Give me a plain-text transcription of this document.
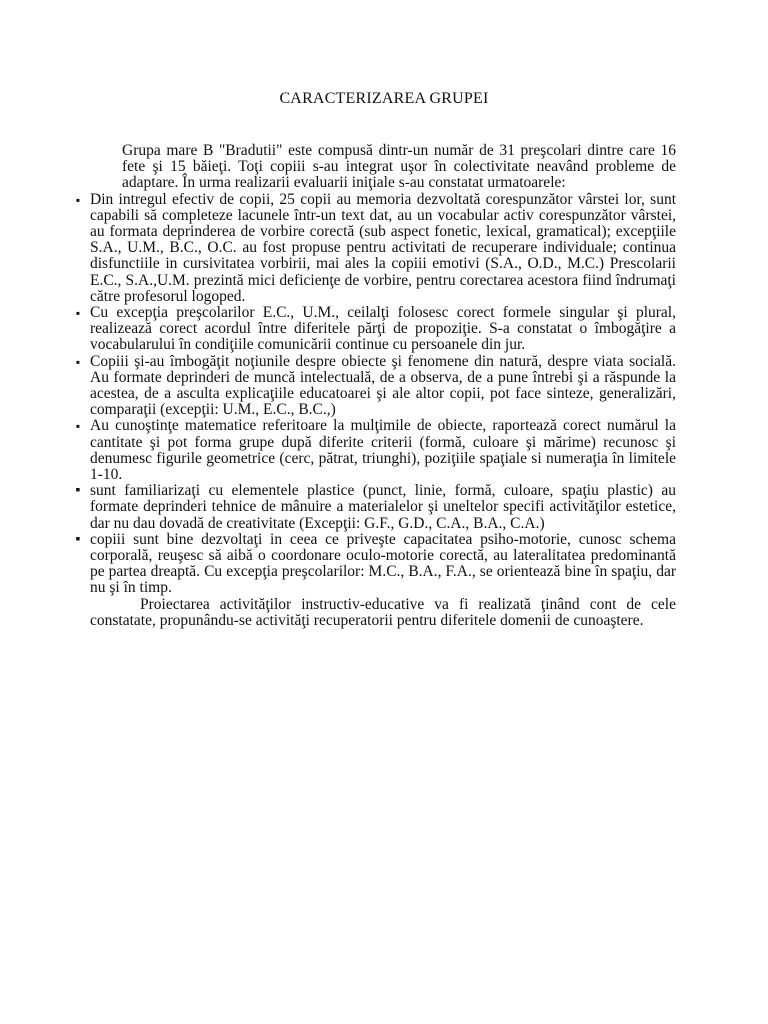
CARACTERIZAREA GRUPEI

Grupa mare B "Bradutii" este compusă dintr-un număr de 31 preşcolari dintre care 16 fete şi 15 băieţi. Toţi copiii s-au integrat uşor în colectivitate neavând probleme de adaptare. În urma realizarii evaluarii iniţiale s-au constatat urmatoarele:

▪ Din intregul efectiv de copii, 25 copii au memoria dezvoltată corespunzător vârstei lor, sunt capabili să completeze lacunele într-un text dat, au un vocabular activ corespunzător vârstei, au formata deprinderea de vorbire corectă (sub aspect fonetic, lexical, gramatical); excepţiile S.A., U.M., B.C., O.C. au fost propuse pentru activitati de recuperare individuale; continua disfunctiile in cursivitatea vorbirii, mai ales la copiii emotivi (S.A., O.D., M.C.) Prescolarii E.C., S.A.,U.M. prezintă mici deficienţe de vorbire, pentru corectarea acestora fiind îndrumaţi către profesorul logoped.
▪ Cu excepţia preşcolarilor E.C., U.M., ceilalţi folosesc corect formele singular şi plural, realizează corect acordul între diferitele părţi de propoziţie. S-a constatat o îmbogăţire a vocabularului în condiţiile comunicării continue cu persoanele din jur.
▪ Copiii şi-au îmbogăţit noţiunile despre obiecte şi fenomene din natură, despre viata socială. Au formate deprinderi de muncă intelectuală, de a observa, de a pune întrebi şi a răspunde la acestea, de a asculta explicaţiile educatoarei şi ale altor copii, pot face sinteze, generalizări, comparaţii (excepţii: U.M., E.C., B.C.,)
▪ Au cunoştinţe matematice referitoare la mulţimile de obiecte, raportează corect numărul la cantitate şi pot forma grupe după diferite criterii (formă, culoare şi mărime) recunosc şi denumesc figurile geometrice (cerc, pătrat, triunghi), poziţiile spaţiale si numeraţia în limitele 1-10.
▪ sunt familiarizaţi cu elementele plastice (punct, linie, formă, culoare, spaţiu plastic) au formate deprinderi tehnice de mânuire a materialelor şi uneltelor specifi activităţilor estetice, dar nu dau dovadă de creativitate (Excepţii: G.F., G.D., C.A., B.A., C.A.)
▪ copiii sunt bine dezvoltaţi in ceea ce priveşte capacitatea psiho-motorie, cunosc schema corporală, reuşesc să aibă o coordonare oculo-motorie corectă, au lateralitatea predominantă pe partea dreaptă. Cu excepţia preşcolarilor: M.C., B.A., F.A., se orientează bine în spaţiu, dar nu şi în timp.

Proiectarea activităţilor instructiv-educative va fi realizată ţinând cont de cele constatate, propunându-se activităţi recuperatorii pentru diferitele domenii de cunoaştere.
